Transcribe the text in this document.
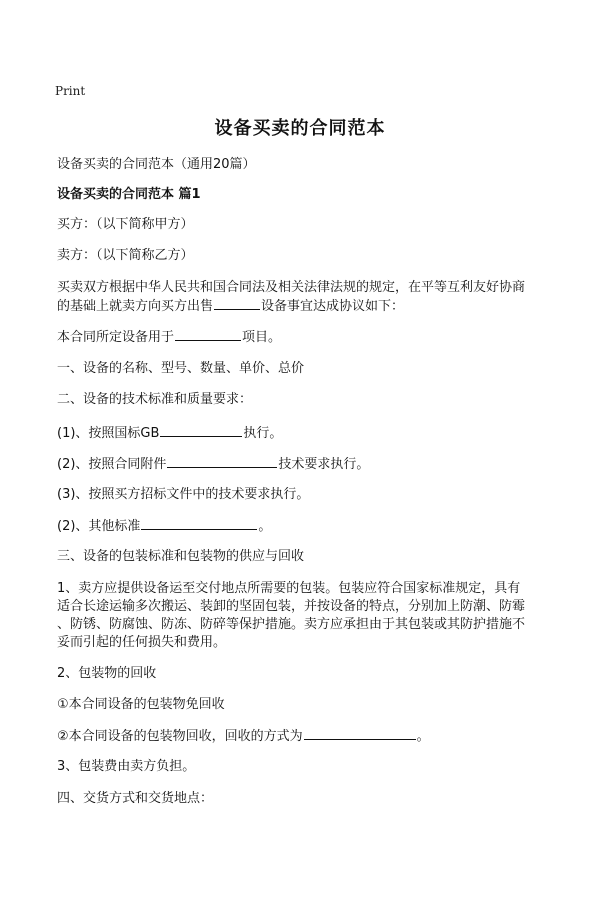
Print
设备买卖的合同范本
设备买卖的合同范本（通用20篇）
设备买卖的合同范本 篇1
买方：（以下简称甲方）
卖方：（以下简称乙方）
买卖双方根据中华人民共和国合同法及相关法律法规的规定，在平等互利友好协商
的基础上就卖方向买方出售	设备事宜达成协议如下：
本合同所定设备用于	项目。
一、设备的名称、型号、数量、单价、总价
二、设备的技术标准和质量要求：
(1)、按照国标GB	执行。
(2)、按照合同附件	技术要求执行。
(3)、按照买方招标文件中的技术要求执行。
(2)、其他标准	。
三、设备的包装标准和包装物的供应与回收
1、卖方应提供设备运至交付地点所需要的包装。包装应符合国家标准规定，具有
适合长途运输多次搬运、装卸的坚固包装，并按设备的特点，分别加上防潮、防霉
、防锈、防腐蚀、防冻、防碎等保护措施。卖方应承担由于其包装或其防护措施不
妥而引起的任何损失和费用。
2、包装物的回收
①本合同设备的包装物免回收
②本合同设备的包装物回收，回收的方式为	。
3、包装费由卖方负担。
四、交货方式和交货地点：
